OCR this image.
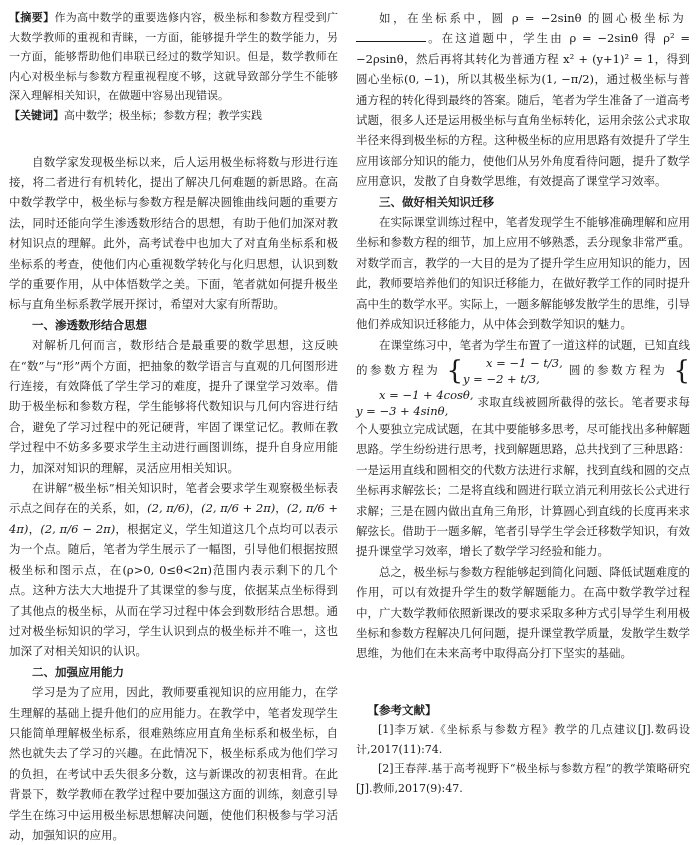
【摘要】作为高中数学的重要选修内容，极坐标和参数方程受到广大数学教师的重视和青睐，一方面，能够提升学生的数学能力，另一方面，能够帮助他们串联已经过的数学知识。但是，数学教师在内心对极坐标与参数方程重视程度不够，这就导致部分学生不能够深入理解相关知识，在做题中容易出现错误。

【关键词】高中数学；极坐标；参数方程；教学实践

自数学家发现极坐标以来，后人运用极坐标将数与形进行连接，将二者进行有机转化，提出了解决几何难题的新思路。在高中数学教学中，极坐标与参数方程是解决圆锥曲线问题的重要方法，同时还能向学生渗透数形结合的思想，有助于他们加深对教材知识点的理解。此外，高考试卷中也加大了对直角坐标系和极坐标系的考查，使他们内心重视数学转化与化归思想，认识到数学的重要作用，从中体悟数学之美。下面，笔者就如何提升极坐标与直角坐标系教学展开探讨，希望对大家有所帮助。

一、渗透数形结合思想

对解析几何而言，数形结合是最重要的数学思想，这反映在“数”与“形”两个方面，把抽象的数学语言与直观的几何图形进行连接，有效降低了学生学习的难度，提升了课堂学习效率。借助于极坐标和参数方程，学生能够将代数知识与几何内容进行结合，避免了学习过程中的死记硬背，牢固了课堂记忆。教师在教学过程中不妨多多要求学生主动进行画图训练，提升自身应用能力，加深对知识的理解，灵活应用相关知识。

在讲解“极坐标”相关知识时，笔者会要求学生观察极坐标表示点之间存在的关系，如，(2, π/6)，(2, π/6 + 2π)，(2, π/6 + 4π)，(2, π/6 − 2π)，根据定义，学生知道这几个点均可以表示为一个点。随后，笔者为学生展示了一幅图，引导他们根据按照极坐标和图示点，在(ρ>0, 0≤θ<2π)范围内表示剩下的几个点。这种方法大大地提升了其课堂的参与度，依据某点坐标得到了其他点的极坐标，从而在学习过程中体会到数形结合思想。通过对极坐标知识的学习，学生认识到点的极坐标并不唯一，这也加深了对相关知识的认识。

二、加强应用能力

学习是为了应用，因此，教师要重视知识的应用能力，在学生理解的基础上提升他们的应用能力。在教学中，笔者发现学生只能简单理解极坐标系，很难熟练应用直角坐标系和极坐标，自然也就失去了学习的兴趣。在此情况下，极坐标系成为他们学习的负担，在考试中丢失很多分数，这与新课改的初衷相背。在此背景下，数学教师在教学过程中要加强这方面的训练，刻意引导学生在练习中运用极坐标思想解决问题，使他们积极参与学习活动，加强知识的应用。

如，在坐标系中，圆 ρ = −2sinθ 的圆心极坐标为 。在这道题中，学生由 ρ = −2sinθ 得 ρ² = −2ρsinθ，然后再将其转化为普通方程 x² + (y+1)² = 1，得到圆心坐标(0, −1)，所以其极坐标为(1, −π/2)，通过极坐标与普通方程的转化得到最终的答案。随后，笔者为学生准备了一道高考试题，很多人还是运用极坐标与直角坐标转化，运用余弦公式求取半径来得到极坐标的方程。这种极坐标的应用思路有效提升了学生应用该部分知识的能力，使他们从另外角度看待问题，提升了数学应用意识，发散了自身数学思维，有效提高了课堂学习效率。

三、做好相关知识迁移

在实际课堂训练过程中，笔者发现学生不能够准确理解和应用坐标和参数方程的细节，加上应用不够熟悉，丢分现象非常严重。对数学而言，教学的一大目的是为了提升学生应用知识的能力，因此，教师要培养他们的知识迁移能力，在做好教学工作的同时提升高中生的数学水平。实际上，一题多解能够发散学生的思维，引导他们养成知识迁移能力，从中体会到数学知识的魅力。

在课堂练习中，笔者为学生布置了一道这样的试题，已知直线的参数方程为 { x = −1 − t/3,
y = −2 + t/3, 圆的参数方程为 {x = −1 + 4cosθ,
y = −3 + 4sinθ, 求取直线被圆所截得的弦长。笔者要求每个人要独立完成试题，在其中要能够多思考，尽可能找出多种解题思路。学生纷纷进行思考，找到解题思路，总共找到了三种思路：一是运用直线和圆相交的代数方法进行求解，找到直线和圆的交点坐标再求解弦长；二是将直线和圆进行联立消元利用弦长公式进行求解；三是在圆内做出直角三角形，计算圆心到直线的长度再来求解弦长。借助于一题多解，笔者引导学生学会迁移数学知识，有效提升课堂学习效率，增长了数学学习经验和能力。

总之，极坐标与参数方程能够起到简化问题、降低试题难度的作用，可以有效提升学生的数学解题能力。在高中数学教学过程中，广大数学教师依照新课改的要求采取多种方式引导学生利用极坐标和参数方程解决几何问题，提升课堂教学质量，发散学生数学思维，为他们在未来高考中取得高分打下坚实的基础。

【参考文献】

[1]李万斌.《坐标系与参数方程》教学的几点建议[J].数码设计,2017(11):74.

[2]王春萍.基于高考视野下“极坐标与参数方程”的教学策略研究[J].教师,2017(9):47.
